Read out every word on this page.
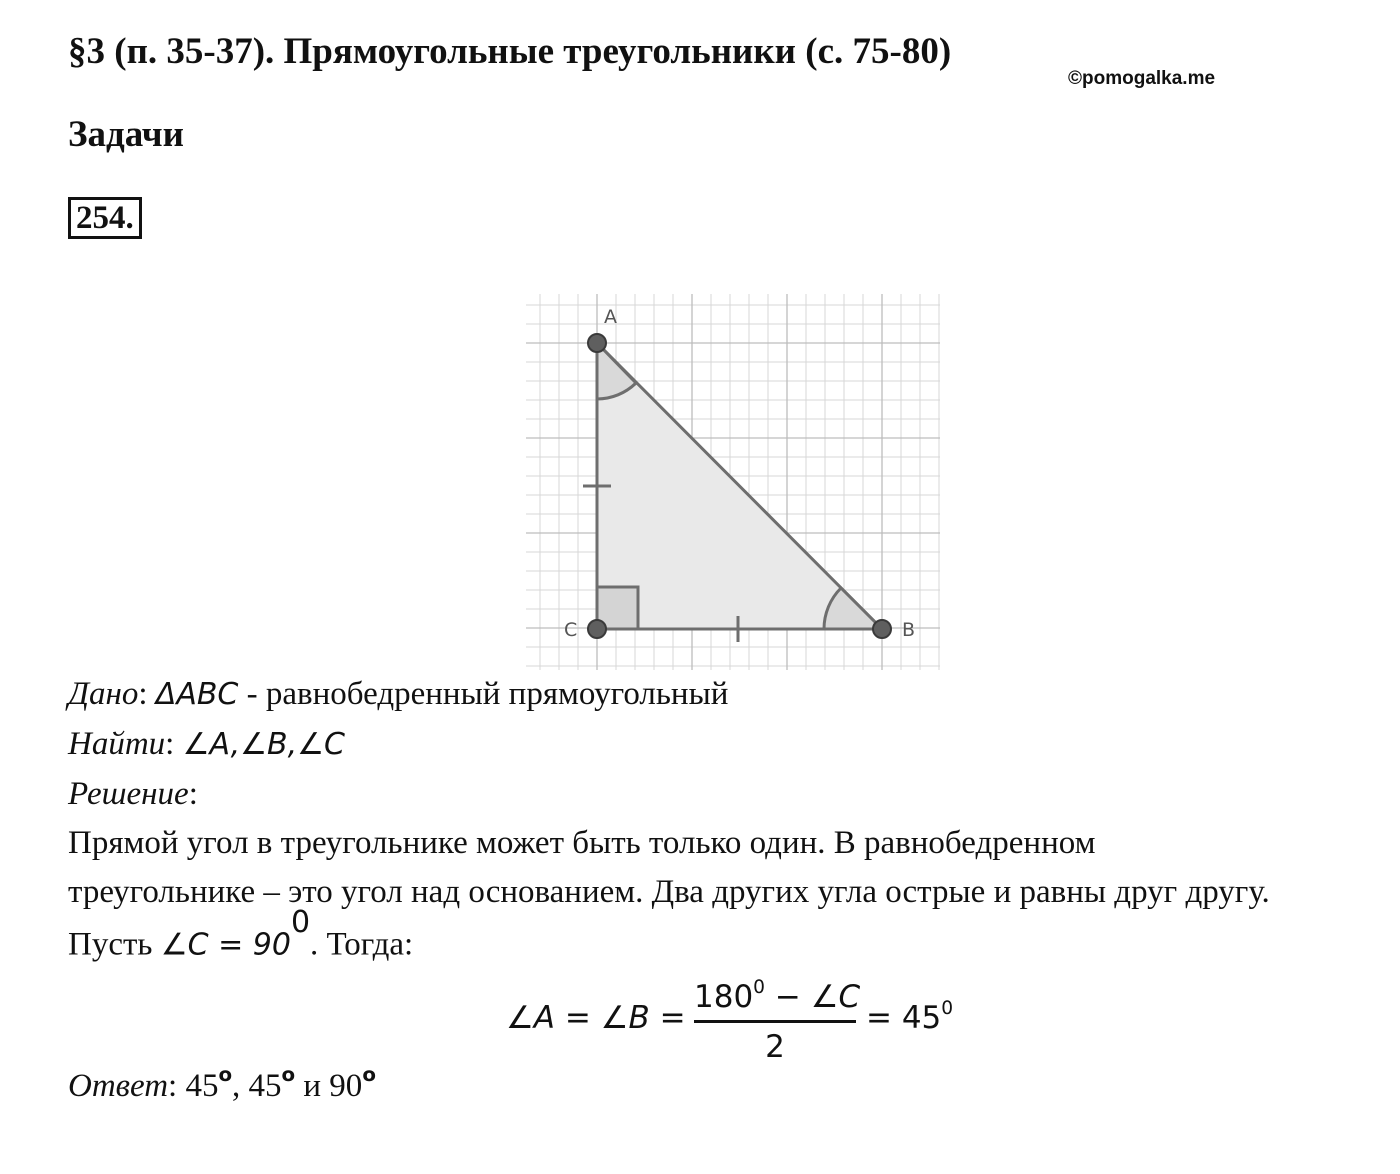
§3 (п. 35-37). Прямоугольные треугольники (с. 75-80)
©pomogalka.me
Задачи
254.
A
C	B
Дано: ΔABC - равнобедренный прямоугольный
Найти: ∠A,∠B,∠C
Решение:
Прямой угол в треугольнике может быть только один. В равнобедренном
треугольнике – это угол над основанием. Два других угла острые и равны друг другу.
Пусть ∠C = $90^0$. Тогда:
∠A = ∠B =
$180^0$ − ∠C
2
= $45^0$
Ответ: 45$^o$, 45$^o$ и 90$^o$
